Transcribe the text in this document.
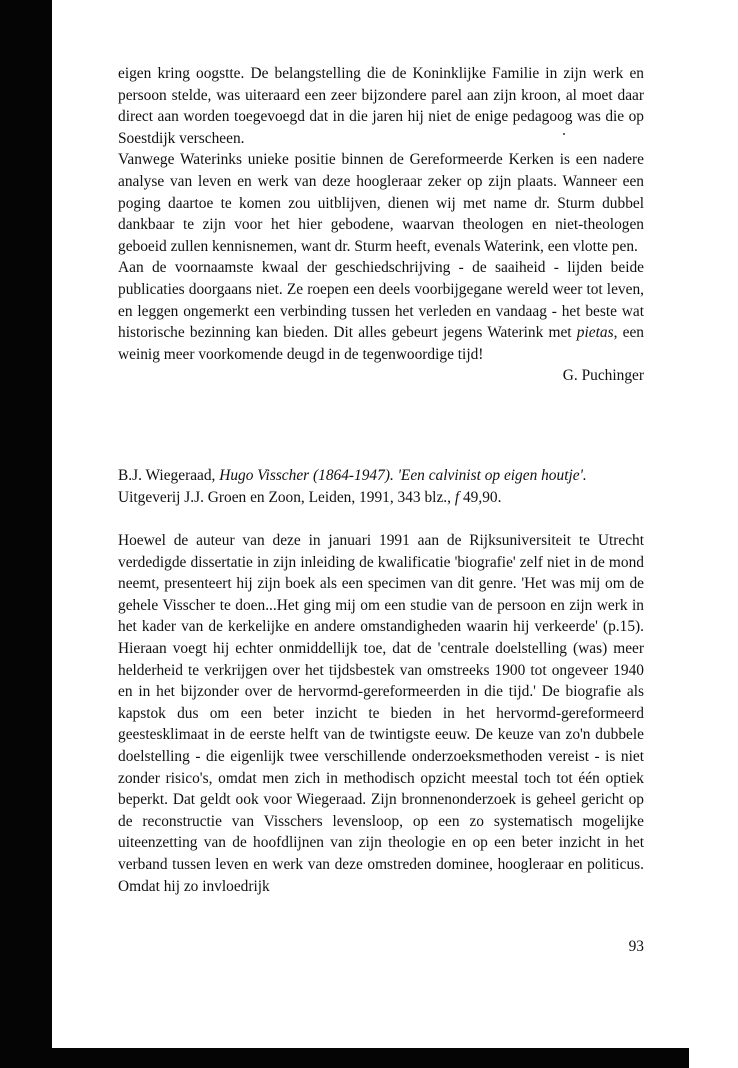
eigen kring oogstte. De belangstelling die de Koninklijke Familie in zijn werk en persoon stelde, was uiteraard een zeer bijzondere parel aan zijn kroon, al moet daar direct aan worden toegevoegd dat in die jaren hij niet de enige pedagoog was die op Soestdijk verscheen.

Vanwege Waterinks unieke positie binnen de Gereformeerde Kerken is een nadere analyse van leven en werk van deze hoogleraar zeker op zijn plaats. Wanneer een poging daartoe te komen zou uitblijven, dienen wij met name dr. Sturm dubbel dankbaar te zijn voor het hier gebodene, waarvan theologen en niet-theologen geboeid zullen kennisnemen, want dr. Sturm heeft, evenals Waterink, een vlotte pen.

Aan de voornaamste kwaal der geschiedschrijving - de saaiheid - lijden beide publicaties doorgaans niet. Ze roepen een deels voorbijgegane wereld weer tot leven, en leggen ongemerkt een verbinding tussen het verleden en vandaag - het beste wat historische bezinning kan bieden. Dit alles gebeurt jegens Waterink met pietas, een weinig meer voorkomende deugd in de tegenwoordige tijd!

G. Puchinger

B.J. Wiegeraad, Hugo Visscher (1864-1947). 'Een calvinist op eigen houtje'.
Uitgeverij J.J. Groen en Zoon, Leiden, 1991, 343 blz., f 49,90.

Hoewel de auteur van deze in januari 1991 aan de Rijksuniversiteit te Utrecht verdedigde dissertatie in zijn inleiding de kwalificatie 'biografie' zelf niet in de mond neemt, presenteert hij zijn boek als een specimen van dit genre. 'Het was mij om de gehele Visscher te doen...Het ging mij om een studie van de persoon en zijn werk in het kader van de kerkelijke en andere omstandigheden waarin hij verkeerde' (p.15). Hieraan voegt hij echter onmiddellijk toe, dat de 'centrale doelstelling (was) meer helderheid te verkrijgen over het tijdsbestek van omstreeks 1900 tot ongeveer 1940 en in het bijzonder over de hervormd-gereformeerden in die tijd.' De biografie als kapstok dus om een beter inzicht te bieden in het hervormd-gereformeerd geestesklimaat in de eerste helft van de twintigste eeuw. De keuze van zo'n dubbele doelstelling - die eigenlijk twee verschillende onderzoeksmethoden vereist - is niet zonder risico's, omdat men zich in methodisch opzicht meestal toch tot één optiek beperkt. Dat geldt ook voor Wiegeraad. Zijn bronnenonderzoek is geheel gericht op de reconstructie van Visschers levensloop, op een zo systematisch mogelijke uiteenzetting van de hoofdlijnen van zijn theologie en op een beter inzicht in het verband tussen leven en werk van deze omstreden dominee, hoogleraar en politicus. Omdat hij zo invloedrijk

93
